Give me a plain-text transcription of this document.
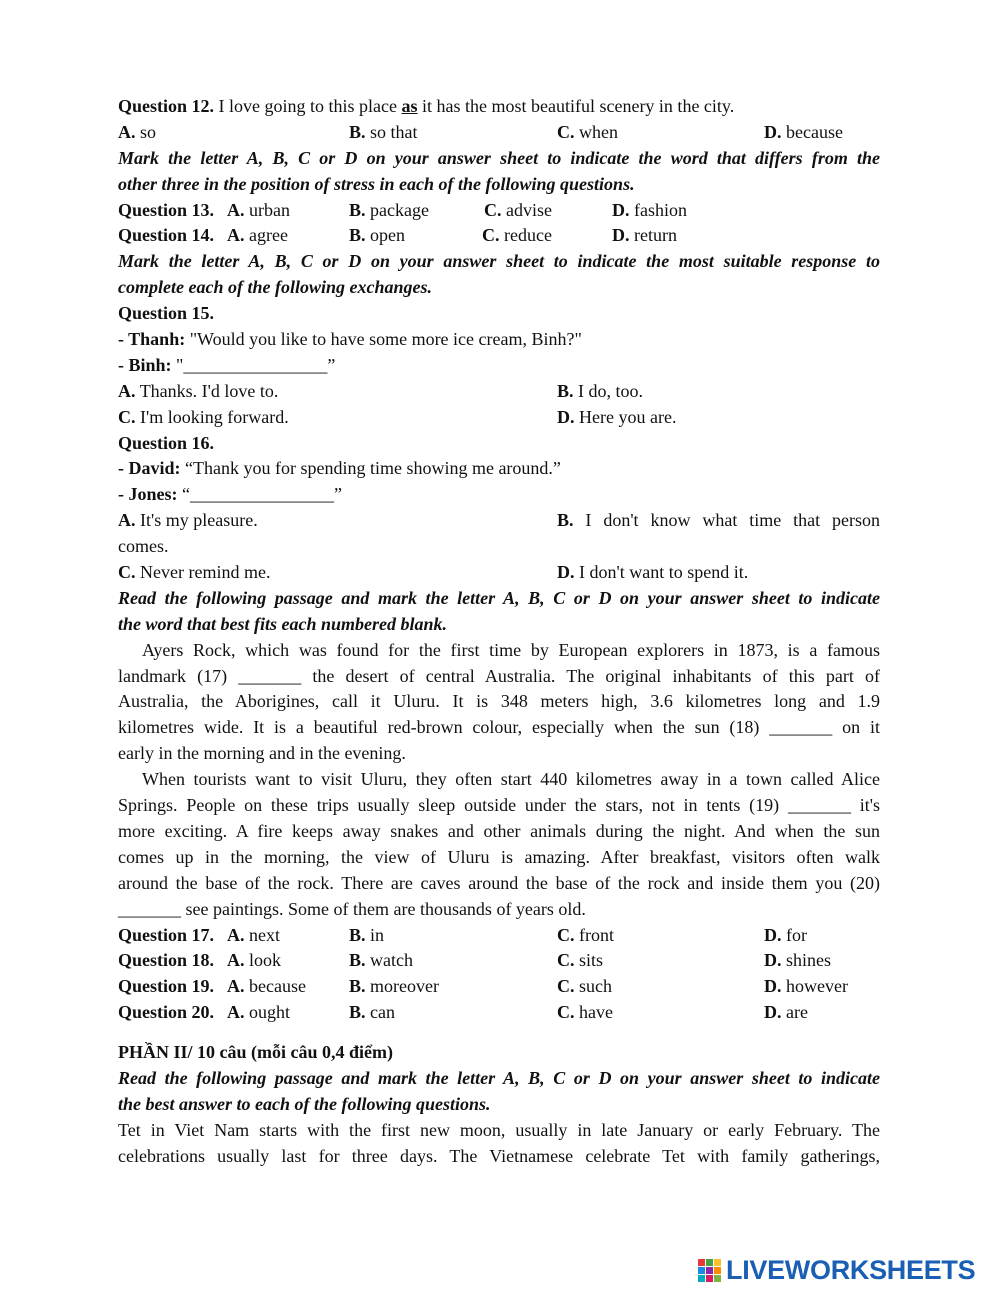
Question 12. I love going to this place as it has the most beautiful scenery in the city.
A. so	B. so that	C. when	D. because
Mark the letter A, B, C or D on your answer sheet to indicate the word that differs from the
other three in the position of stress in each of the following questions.
Question 13. A. urban	B. package	C. advise	D. fashion
Question 14. A. agree	B. open	C. reduce	D. return
Mark the letter A, B, C or D on your answer sheet to indicate the most suitable response to
complete each of the following exchanges.
Question 15.
- Thanh: "Would you like to have some more ice cream, Binh?"
- Binh: "________________”
A. Thanks. I'd love to.	B. I do, too.
C. I'm looking forward.	D. Here you are.
Question 16.
- David: “Thank you for spending time showing me around.”
- Jones: “________________”
A. It's my pleasure.	B. I don't know what time that person
comes.
C. Never remind me.	D. I don't want to spend it.
Read the following passage and mark the letter A, B, C or D on your answer sheet to indicate
the word that best fits each numbered blank.
Ayers Rock, which was found for the first time by European explorers in 1873, is a famous
landmark (17) _______ the desert of central Australia. The original inhabitants of this part of
Australia, the Aborigines, call it Uluru. It is 348 meters high, 3.6 kilometres long and 1.9
kilometres wide. It is a beautiful red-brown colour, especially when the sun (18) _______ on it
early in the morning and in the evening.
When tourists want to visit Uluru, they often start 440 kilometres away in a town called Alice
Springs. People on these trips usually sleep outside under the stars, not in tents (19) _______ it's
more exciting. A fire keeps away snakes and other animals during the night. And when the sun
comes up in the morning, the view of Uluru is amazing. After breakfast, visitors often walk
around the base of the rock. There are caves around the base of the rock and inside them you (20)
_______ see paintings. Some of them are thousands of years old.
Question 17. A. next	B. in	C. front	D. for
Question 18. A. look	B. watch	C. sits	D. shines
Question 19. A. because B. moreover	C. such	D. however
Question 20. A. ought	B. can	C. have	D. are
PHẦN II/ 10 câu (mỗi câu 0,4 điểm)
Read the following passage and mark the letter A, B, C or D on your answer sheet to indicate
the best answer to each of the following questions.
Tet in Viet Nam starts with the first new moon, usually in late January or early February. The
celebrations usually last for three days. The Vietnamese celebrate Tet with family gatherings,
LIVEWORKSHEETS
